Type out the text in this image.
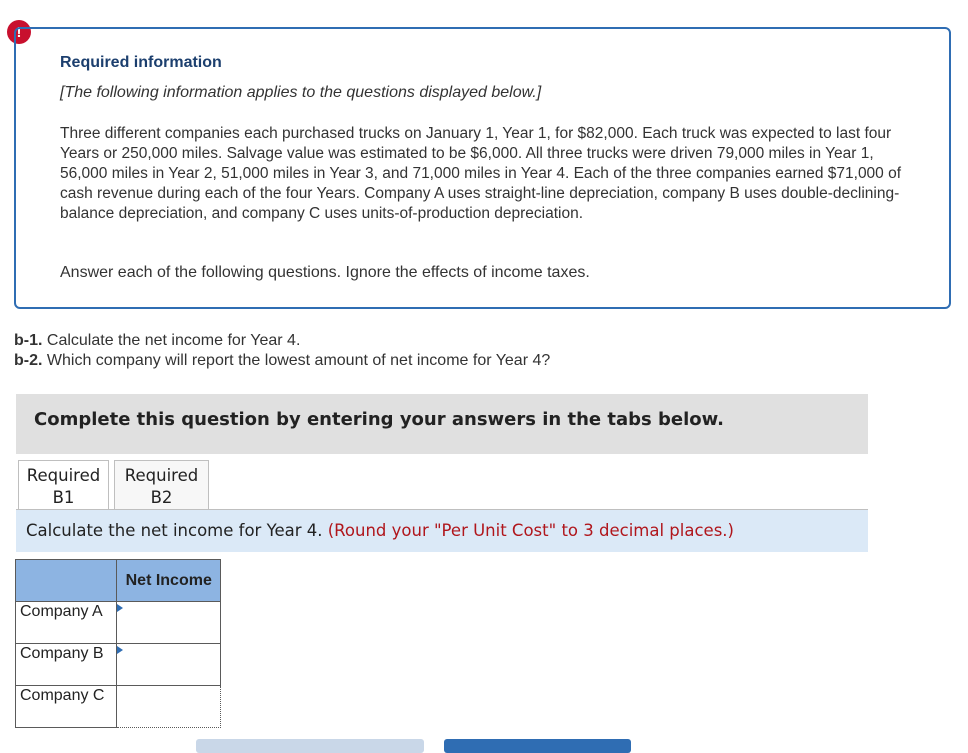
!
Required information
[The following information applies to the questions displayed below.]
Three different companies each purchased trucks on January 1, Year 1, for $82,000. Each truck was expected to last four Years or 250,000 miles. Salvage value was estimated to be $6,000. All three trucks were driven 79,000 miles in Year 1, 56,000 miles in Year 2, 51,000 miles in Year 3, and 71,000 miles in Year 4. Each of the three companies earned $71,000 of cash revenue during each of the four Years. Company A uses straight-line depreciation, company B uses double-declining-balance depreciation, and company C uses units-of-production depreciation.
Answer each of the following questions. Ignore the effects of income taxes.
b-1. Calculate the net income for Year 4.
b-2. Which company will report the lowest amount of net income for Year 4?
Complete this question by entering your answers in the tabs below.
Required
B1
Required
B2
Calculate the net income for Year 4. (Round your "Per Unit Cost" to 3 decimal places.)
	Net Income
Company A	

Company B	

Company C	
